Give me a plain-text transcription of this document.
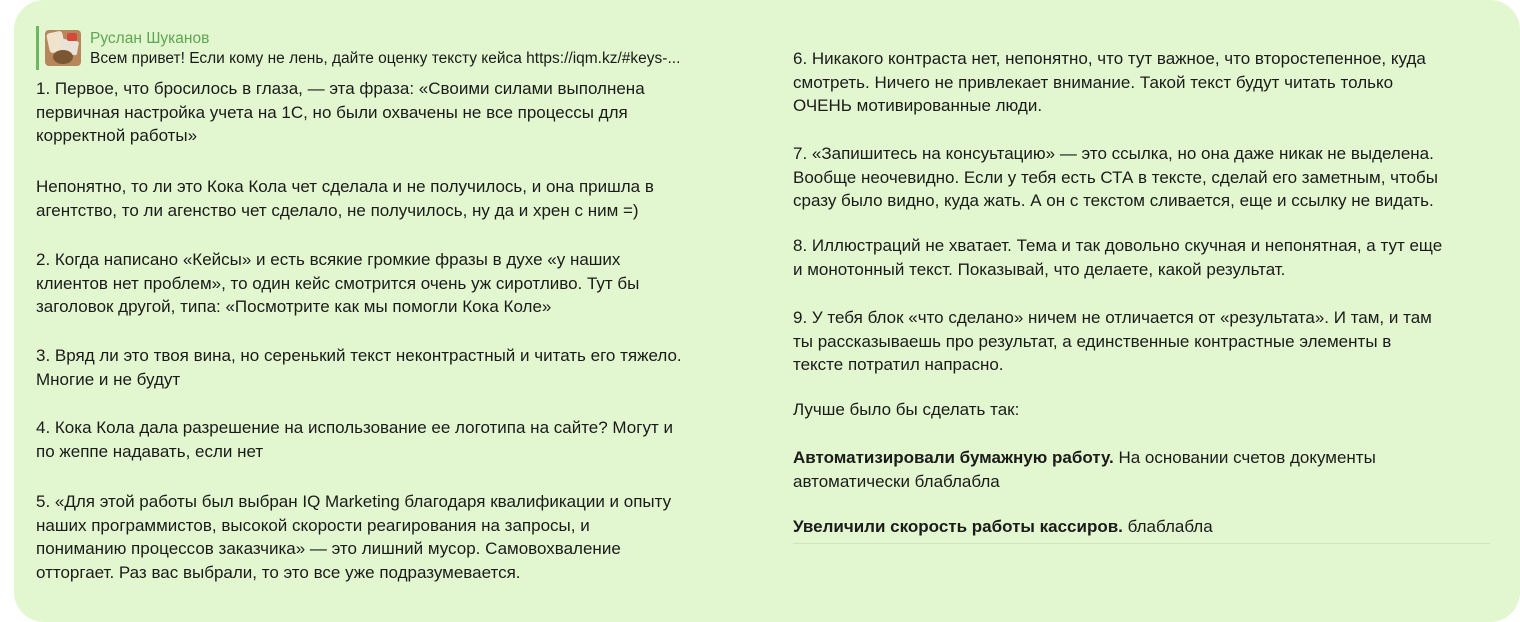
Руслан Шуканов
Всем привет! Если кому не лень, дайте оценку тексту кейса https://iqm.kz/#keys-...

1. Первое, что бросилось в глаза, — эта фраза: «Своими силами выполнена
первичная настройка учета на 1С, но были охвачены не все процессы для
корректной работы»

Непонятно, то ли это Кока Кола чет сделала и не получилось, и она пришла в
агентство, то ли агенство чет сделало, не получилось, ну да и хрен с ним =)

2. Когда написано «Кейсы» и есть всякие громкие фразы в духе «у наших
клиентов нет проблем», то один кейс смотрится очень уж сиротливо. Тут бы
заголовок другой, типа: «Посмотрите как мы помогли Кока Коле»

3. Вряд ли это твоя вина, но серенький текст неконтрастный и читать его тяжело.
Многие и не будут

4. Кока Кола дала разрешение на использование ее логотипа на сайте? Могут и
по жеппе надавать, если нет

5. «Для этой работы был выбран IQ Marketing благодаря квалификации и опыту
наших программистов, высокой скорости реагирования на запросы, и
пониманию процессов заказчика» — это лишний мусор. Самовохваление
отторгает. Раз вас выбрали, то это все уже подразумевается.

6. Никакого контраста нет, непонятно, что тут важное, что второстепенное, куда
смотреть. Ничего не привлекает внимание. Такой текст будут читать только
ОЧЕНЬ мотивированные люди.

7. «Запишитесь на консуьтацию» — это ссылка, но она даже никак не выделена.
Вообще неочевидно. Если у тебя есть СТА в тексте, сделай его заметным, чтобы
сразу было видно, куда жать. А он с текстом сливается, еще и ссылку не видать.

8. Иллюстраций не хватает. Тема и так довольно скучная и непонятная, а тут еще
и монотонный текст. Показывай, что делаете, какой результат.

9. У тебя блок «что сделано» ничем не отличается от «результата». И там, и там
ты рассказываешь про результат, а единственные контрастные элементы в
тексте потратил напрасно.

Лучше было бы сделать так:

Автоматизировали бумажную работу. На основании счетов документы
автоматически блаблабла

Увеличили скорость работы кассиров. блаблабла
